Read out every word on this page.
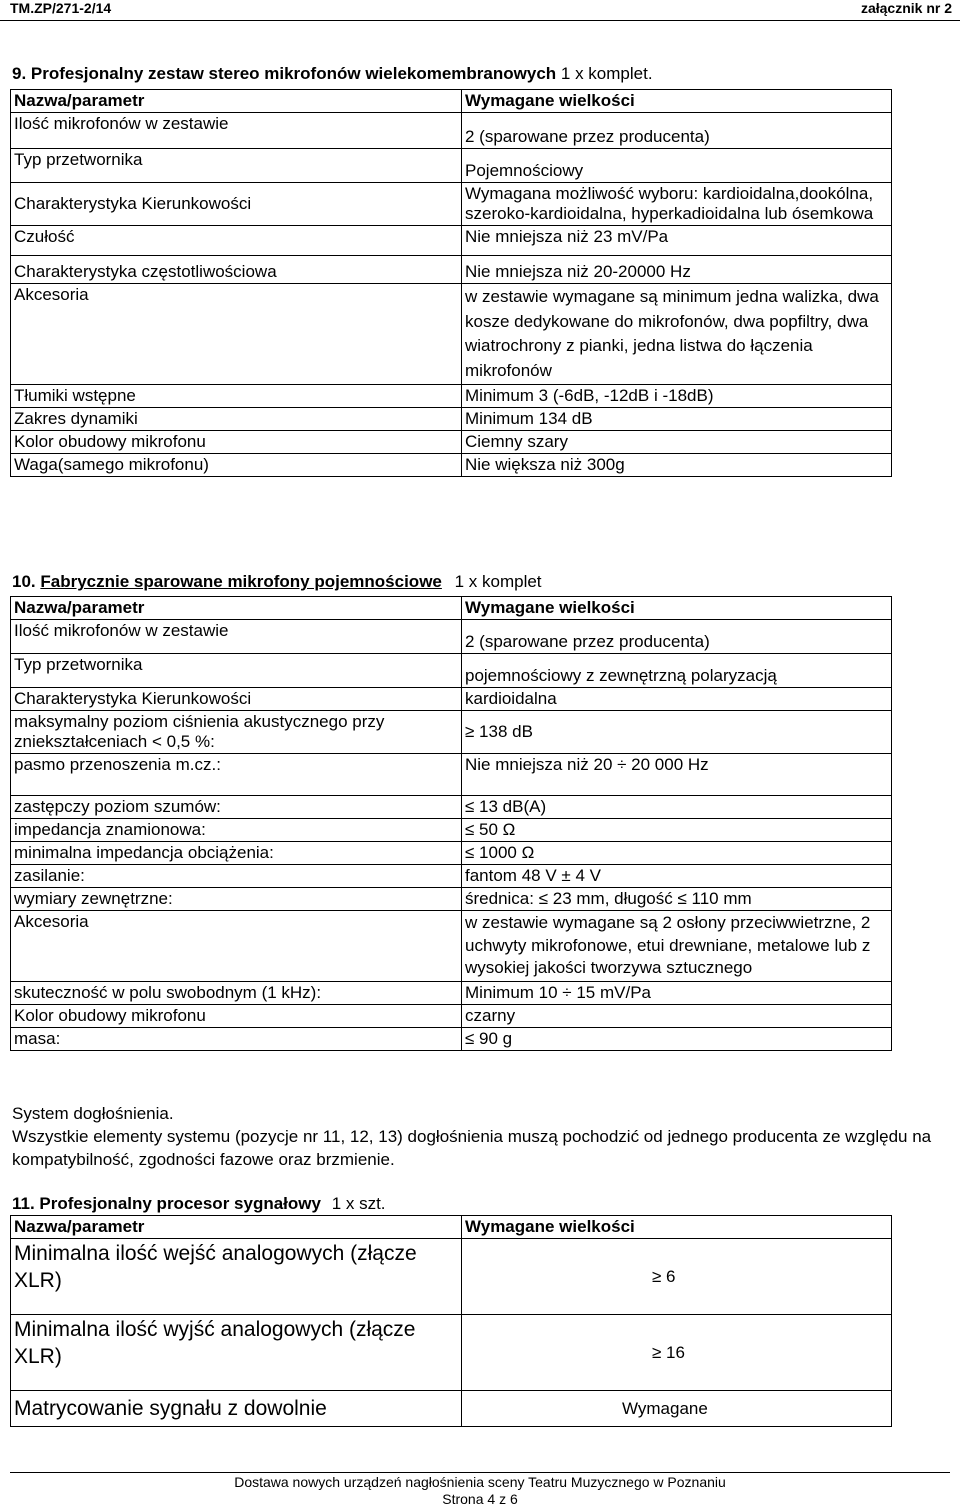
TM.ZP/271-2/14	załącznik nr 2
9. Profesjonalny zestaw stereo mikrofonów wielekomembranowych 1 x komplet.
Nazwa/parametr	Wymagane wielkości
Ilość mikrofonów w zestawie	2 (sparowane przez producenta)
Typ przetwornika	Pojemnościowy
Charakterystyka Kierunkowości	Wymagana możliwość wyboru: kardioidalna,dookólna, szeroko-kardioidalna, hyperkadioidalna lub ósemkowa
Czułość	Nie mniejsza niż 23 mV/Pa
Charakterystyka częstotliwościowa	Nie mniejsza niż 20-20000 Hz
Akcesoria	w zestawie wymagane są minimum jedna walizka, dwa kosze dedykowane do mikrofonów, dwa popfiltry, dwa wiatrochrony z pianki, jedna listwa do łączenia mikrofonów
Tłumiki wstępne	Minimum 3 (-6dB, -12dB i -18dB)
Zakres dynamiki	Minimum 134 dB
Kolor obudowy mikrofonu	Ciemny szary
Waga(samego mikrofonu)	Nie większa niż 300g
10. Fabrycznie sparowane mikrofony pojemnościowe 1 x komplet
Nazwa/parametr	Wymagane wielkości
Ilość mikrofonów w zestawie	2 (sparowane przez producenta)
Typ przetwornika	pojemnościowy z zewnętrzną polaryzacją
Charakterystyka Kierunkowości	kardioidalna
maksymalny poziom ciśnienia akustycznego przy zniekształceniach < 0,5 %:	≥ 138 dB
pasmo przenoszenia m.cz.:	Nie mniejsza niż 20 ÷ 20 000 Hz
zastępczy poziom szumów:	≤ 13 dB(A)
impedancja znamionowa:	≤ 50 Ω
minimalna impedancja obciążenia:	≤ 1000 Ω
zasilanie:	fantom 48 V ± 4 V
wymiary zewnętrzne:	średnica: ≤ 23 mm, długość ≤ 110 mm
Akcesoria	w zestawie wymagane są 2 osłony przeciwwietrzne, 2 uchwyty mikrofonowe, etui drewniane, metalowe lub z wysokiej jakości tworzywa sztucznego
skuteczność w polu swobodnym (1 kHz):	Minimum 10 ÷ 15 mV/Pa
Kolor obudowy mikrofonu	czarny
masa:	≤ 90 g
System dogłośnienia.
Wszystkie elementy systemu (pozycje nr 11, 12, 13) dogłośnienia muszą pochodzić od jednego producenta ze względu na kompatybilność, zgodności fazowe oraz brzmienie.
11. Profesjonalny procesor sygnałowy 1 x szt.
Nazwa/parametr	Wymagane wielkości
Minimalna ilość wejść analogowych (złącze XLR)	≥ 6
Minimalna ilość wyjść analogowych (złącze XLR)	≥ 16
Matrycowanie sygnału z dowolnie	Wymagane
Dostawa nowych urządzeń nagłośnienia sceny Teatru Muzycznego w Poznaniu
Strona 4 z 6
